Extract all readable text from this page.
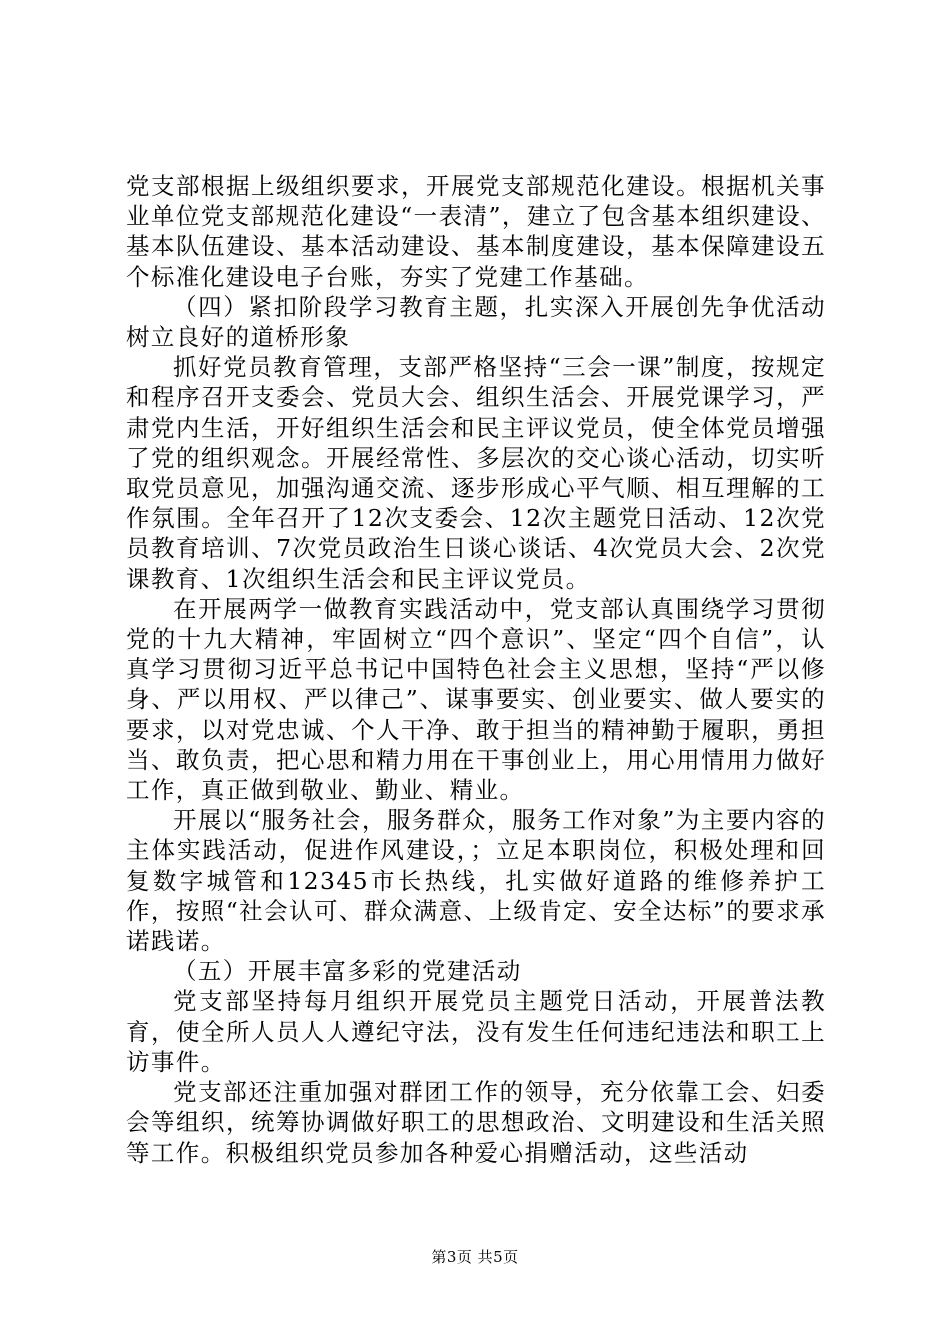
党支部根据上级组织要求，开展党支部规范化建设。根据机关事业单位党支部规范化建设“一表清”，建立了包含基本组织建设、基本队伍建设、基本活动建设、基本制度建设，基本保障建设五个标准化建设电子台账，夯实了党建工作基础。

（四）紧扣阶段学习教育主题，扎实深入开展创先争优活动树立良好的道桥形象

抓好党员教育管理，支部严格坚持“三会一课”制度，按规定和程序召开支委会、党员大会、组织生活会、开展党课学习，严肃党内生活，开好组织生活会和民主评议党员，使全体党员增强了党的组织观念。开展经常性、多层次的交心谈心活动，切实听取党员意见，加强沟通交流、逐步形成心平气顺、相互理解的工作氛围。全年召开了12次支委会、12次主题党日活动、12次党员教育培训、7次党员政治生日谈心谈话、4次党员大会、2次党课教育、1次组织生活会和民主评议党员。

在开展两学一做教育实践活动中，党支部认真围绕学习贯彻党的十九大精神，牢固树立“四个意识”、坚定“四个自信”，认真学习贯彻习近平总书记中国特色社会主义思想，坚持“严以修身、严以用权、严以律己”、谋事要实、创业要实、做人要实的要求，以对党忠诚、个人干净、敢于担当的精神勤于履职，勇担当、敢负责，把心思和精力用在干事创业上，用心用情用力做好工作，真正做到敬业、勤业、精业。

开展以“服务社会，服务群众，服务工作对象”为主要内容的主体实践活动，促进作风建设，；立足本职岗位，积极处理和回复数字城管和12345市长热线，扎实做好道路的维修养护工作，按照“社会认可、群众满意、上级肯定、安全达标”的要求承诺践诺。

（五）开展丰富多彩的党建活动

党支部坚持每月组织开展党员主题党日活动，开展普法教育，使全所人员人人遵纪守法，没有发生任何违纪违法和职工上访事件。

党支部还注重加强对群团工作的领导，充分依靠工会、妇委会等组织，统筹协调做好职工的思想政治、文明建设和生活关照等工作。积极组织党员参加各种爱心捐赠活动，这些活动

第3页 共5页
